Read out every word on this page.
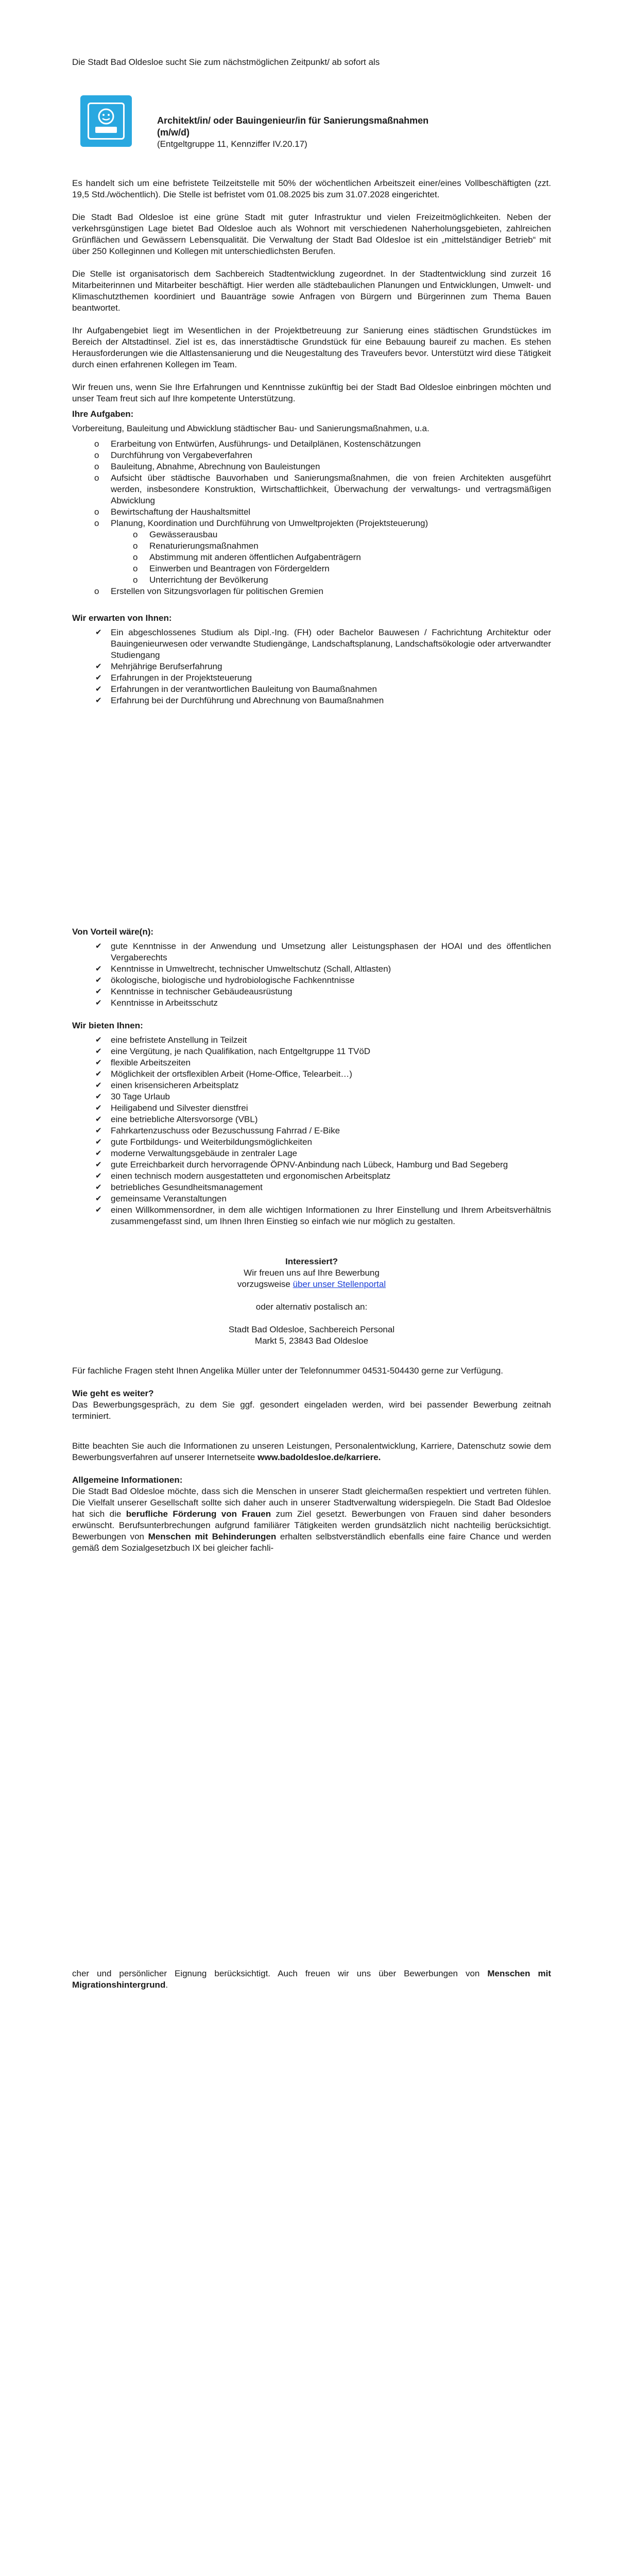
Die Stadt Bad Oldesloe sucht Sie zum nächstmöglichen Zeitpunkt/ ab sofort als

Architekt/in/ oder Bauingenieur/in für Sanierungsmaßnahmen

(m/w/d)

(Entgeltgruppe 11, Kennziffer IV.20.17)

Es handelt sich um eine befristete Teilzeitstelle mit 50% der wöchentlichen Arbeitszeit einer/eines Vollbeschäftigten (zzt. 19,5 Std./wöchentlich). Die Stelle ist befristet vom 01.08.2025 bis zum 31.07.2028 eingerichtet.

Die Stadt Bad Oldesloe ist eine grüne Stadt mit guter Infrastruktur und vielen Freizeitmöglichkeiten. Neben der verkehrsgünstigen Lage bietet Bad Oldesloe auch als Wohnort mit verschiedenen Naherholungsgebieten, zahlreichen Grünflächen und Gewässern Lebensqualität. Die Verwaltung der Stadt Bad Oldesloe ist ein „mittelständiger Betrieb“ mit über 250 Kolleginnen und Kollegen mit unterschiedlichsten Berufen.

Die Stelle ist organisatorisch dem Sachbereich Stadtentwicklung zugeordnet. In der Stadtentwicklung sind zurzeit 16 Mitarbeiterinnen und Mitarbeiter beschäftigt. Hier werden alle städtebaulichen Planungen und Entwicklungen, Umwelt- und Klimaschutzthemen koordiniert und Bauanträge sowie Anfragen von Bürgern und Bürgerinnen zum Thema Bauen beantwortet.

Ihr Aufgabengebiet liegt im Wesentlichen in der Projektbetreuung zur Sanierung eines städtischen Grundstückes im Bereich der Altstadtinsel. Ziel ist es, das innerstädtische Grundstück für eine Bebauung baureif zu machen. Es stehen Herausforderungen wie die Altlastensanierung und die Neugestaltung des Traveufers bevor. Unterstützt wird diese Tätigkeit durch einen erfahrenen Kollegen im Team.

Wir freuen uns, wenn Sie Ihre Erfahrungen und Kenntnisse zukünftig bei der Stadt Bad Oldesloe einbringen möchten und unser Team freut sich auf Ihre kompetente Unterstützung.

Ihre Aufgaben:

Vorbereitung, Bauleitung und Abwicklung städtischer Bau- und Sanierungsmaßnahmen, u.a.

o Erarbeitung von Entwürfen, Ausführungs- und Detailplänen, Kostenschätzungen
o Durchführung von Vergabeverfahren
o Bauleitung, Abnahme, Abrechnung von Bauleistungen
o Aufsicht über städtische Bauvorhaben und Sanierungsmaßnahmen, die von freien Architekten ausgeführt werden, insbesondere Konstruktion, Wirtschaftlichkeit, Überwachung der verwaltungs- und vertragsmäßigen Abwicklung
o Bewirtschaftung der Haushaltsmittel
o Planung, Koordination und Durchführung von Umweltprojekten (Projektsteuerung)
o Gewässerausbau
o Renaturierungsmaßnahmen
o Abstimmung mit anderen öffentlichen Aufgabenträgern
o Einwerben und Beantragen von Fördergeldern
o Unterrichtung der Bevölkerung
o Erstellen von Sitzungsvorlagen für politischen Gremien

Wir erwarten von Ihnen:

✔ Ein abgeschlossenes Studium als Dipl.-Ing. (FH) oder Bachelor Bauwesen / Fachrichtung Architektur oder Bauingenieurwesen oder verwandte Studiengänge, Landschaftsplanung, Landschaftsökologie oder artverwandter Studiengang
✔ Mehrjährige Berufserfahrung
✔ Erfahrungen in der Projektsteuerung
✔ Erfahrungen in der verantwortlichen Bauleitung von Baumaßnahmen
✔ Erfahrung bei der Durchführung und Abrechnung von Baumaßnahmen

Von Vorteil wäre(n):

✔ gute Kenntnisse in der Anwendung und Umsetzung aller Leistungsphasen der HOAI und des öffentlichen Vergaberechts
✔ Kenntnisse in Umweltrecht, technischer Umweltschutz (Schall, Altlasten)
✔ ökologische, biologische und hydrobiologische Fachkenntnisse
✔ Kenntnisse in technischer Gebäudeausrüstung
✔ Kenntnisse in Arbeitsschutz

Wir bieten Ihnen:

✔ eine befristete Anstellung in Teilzeit
✔ eine Vergütung, je nach Qualifikation, nach Entgeltgruppe 11 TVöD
✔ flexible Arbeitszeiten
✔ Möglichkeit der ortsflexiblen Arbeit (Home-Office, Telearbeit…)
✔ einen krisensicheren Arbeitsplatz
✔ 30 Tage Urlaub
✔ Heiligabend und Silvester dienstfrei
✔ eine betriebliche Altersvorsorge (VBL)
✔ Fahrkartenzuschuss oder Bezuschussung Fahrrad / E-Bike
✔ gute Fortbildungs- und Weiterbildungsmöglichkeiten
✔ moderne Verwaltungsgebäude in zentraler Lage
✔ gute Erreichbarkeit durch hervorragende ÖPNV-Anbindung nach Lübeck, Hamburg und Bad Segeberg
✔ einen technisch modern ausgestatteten und ergonomischen Arbeitsplatz
✔ betriebliches Gesundheitsmanagement
✔ gemeinsame Veranstaltungen
✔ einen Willkommensordner, in dem alle wichtigen Informationen zu Ihrer Einstellung und Ihrem Arbeitsverhältnis zusammengefasst sind, um Ihnen Ihren Einstieg so einfach wie nur möglich zu gestalten.

Interessiert?

Wir freuen uns auf Ihre Bewerbung

vorzugsweise über unser Stellenportal

oder alternativ postalisch an:

Stadt Bad Oldesloe, Sachbereich Personal

Markt 5, 23843 Bad Oldesloe

Für fachliche Fragen steht Ihnen Angelika Müller unter der Telefonnummer 04531-504430 gerne zur Verfügung.

Wie geht es weiter?

Das Bewerbungsgespräch, zu dem Sie ggf. gesondert eingeladen werden, wird bei passender Bewerbung zeitnah terminiert.

Bitte beachten Sie auch die Informationen zu unseren Leistungen, Personalentwicklung, Karriere, Datenschutz sowie dem Bewerbungsverfahren auf unserer Internetseite www.badoldesloe.de/karriere.

Allgemeine Informationen:

Die Stadt Bad Oldesloe möchte, dass sich die Menschen in unserer Stadt gleichermaßen respektiert und vertreten fühlen. Die Vielfalt unserer Gesellschaft sollte sich daher auch in unserer Stadtverwaltung widerspiegeln. Die Stadt Bad Oldesloe hat sich die berufliche Förderung von Frauen zum Ziel gesetzt. Bewerbungen von Frauen sind daher besonders erwünscht. Berufsunterbrechungen aufgrund familiärer Tätigkeiten werden grundsätzlich nicht nachteilig berücksichtigt. Bewerbungen von Menschen mit Behinderungen erhalten selbstverständlich ebenfalls eine faire Chance und werden gemäß dem Sozialgesetzbuch IX bei gleicher fachli-

cher und persönlicher Eignung berücksichtigt. Auch freuen wir uns über Bewerbungen von Menschen mit Migrationshintergrund.
